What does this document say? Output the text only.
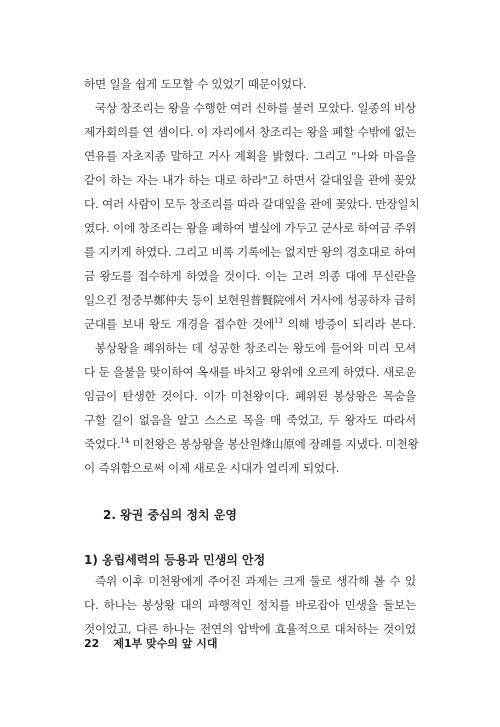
하면 일을 쉽게 도모할 수 있었기 때문이었다.
국상 창조리는 왕을 수행한 여러 신하를 불러 모았다. 일종의 비상
제가회의를 연 셈이다. 이 자리에서 창조리는 왕을 폐할 수밖에 없는
연유를 자초지종 말하고 거사 계획을 밝혔다. 그리고 "나와 마음을
같이 하는 자는 내가 하는 대로 하라"고 하면서 갈대잎을 관에 꽂았
다. 여러 사람이 모두 창조리를 따라 갈대잎을 관에 꽂았다. 만장일치
였다. 이에 창조리는 왕을 폐하여 별실에 가두고 군사로 하여금 주위
를 지키게 하였다. 그리고 비록 기록에는 없지만 왕의 경호대로 하여
금 왕도를 접수하게 하였을 것이다. 이는 고려 의종 대에 무신란을
일으킨 정중부鄭仲夫 등이 보현원普賢院에서 거사에 성공하자 급히
군대를 보내 왕도 개경을 접수한 것에$^{13}$ 의해 방증이 되리라 본다.
봉상왕을 폐위하는 데 성공한 창조리는 왕도에 들어와 미리 모셔
다 둔 을불을 맞이하여 옥새를 바치고 왕위에 오르게 하였다. 새로운
임금이 탄생한 것이다. 이가 미천왕이다. 폐위된 봉상왕은 목숨을
구할 길이 없음을 알고 스스로 목을 매 죽었고, 두 왕자도 따라서
죽었다.$^{14}$ 미천왕은 봉상왕을 봉산원烽山原에 장례를 지냈다. 미천왕
이 즉위함으로써 이제 새로운 시대가 열리게 되었다.
2. 왕권 중심의 정치 운영
1) 옹립세력의 등용과 민생의 안정
즉위 이후 미천왕에게 주어진 과제는 크게 둘로 생각해 볼 수 있
다. 하나는 봉상왕 대의 파행적인 정치를 바로잡아 민생을 돌보는
것이었고, 다른 하나는 전연의 압박에 효율적으로 대처하는 것이었
22 제1부 맞수의 앞 시대
